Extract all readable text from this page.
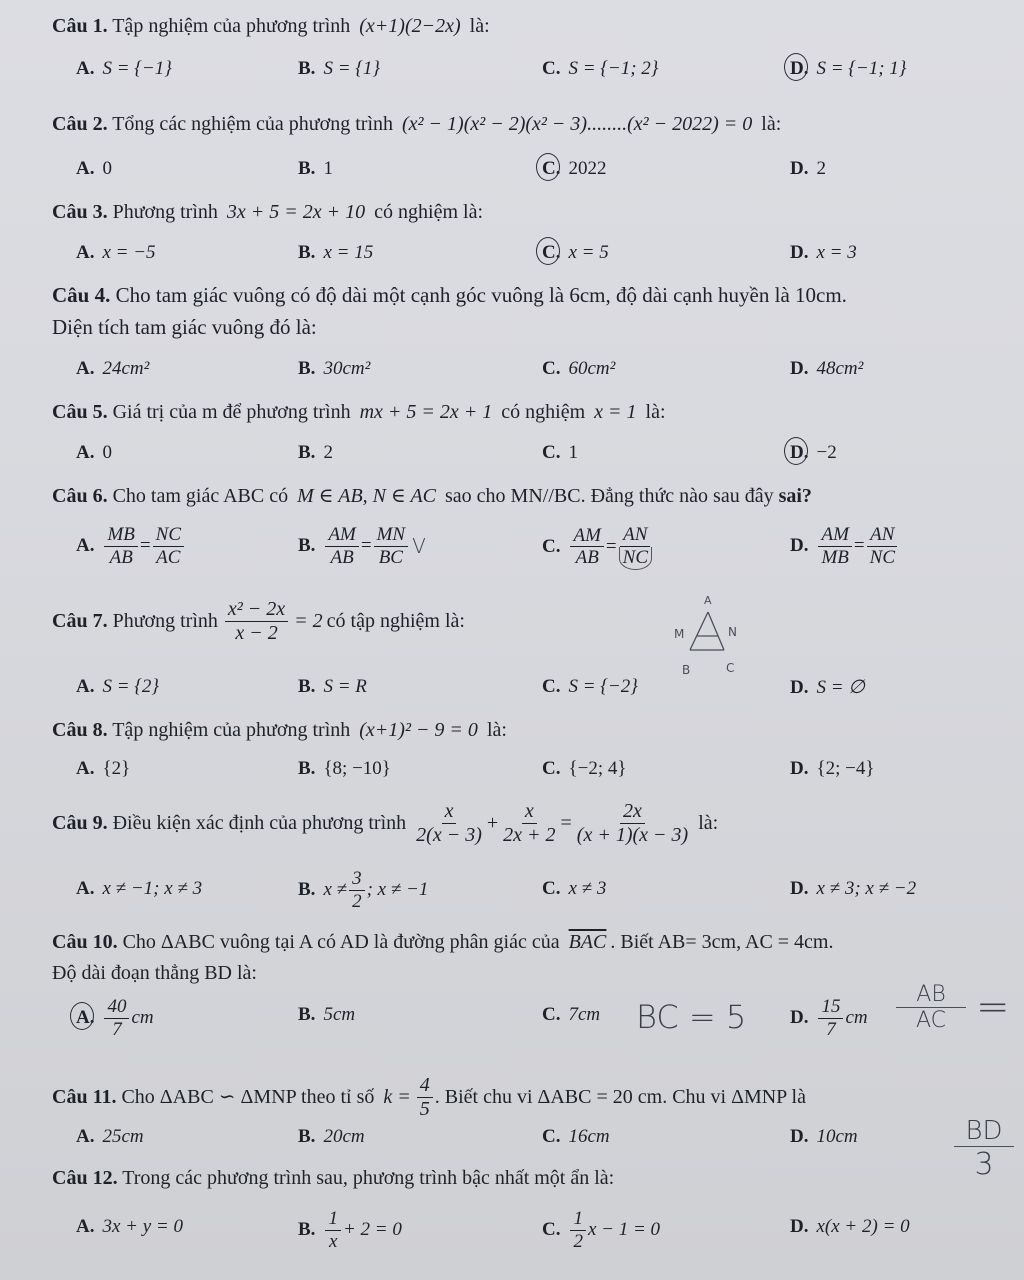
Câu 1. Tập nghiệm của phương trình (x+1)(2−2x) là:
A. S = {−1}	B. S = {1}	C. S = {−1; 2}	D. S = {−1; 1}
Câu 2. Tổng các nghiệm của phương trình (x² − 1)(x² − 2)(x² − 3)........(x² − 2022) = 0 là:
A. 0	B. 1	C. 2022	D. 2
Câu 3. Phương trình 3x + 5 = 2x + 10 có nghiệm là:
A. x = −5	B. x = 15	C. x = 5	D. x = 3
Câu 4. Cho tam giác vuông có độ dài một cạnh góc vuông là 6cm, độ dài cạnh huyền là 10cm.
Diện tích tam giác vuông đó là:
A. 24cm²	B. 30cm²	C. 60cm²	D. 48cm²
Câu 5. Giá trị của m để phương trình mx + 5 = 2x + 1 có nghiệm x = 1 là:
A. 0	B. 2	C. 1	D. −2
Câu 6. Cho tam giác ABC có M ∈ AB, N ∈ AC sao cho MN//BC. Đẳng thức nào sau đây sai?
A. $\frac{MB}{AB} = \frac{NC}{AC}$	B. $\frac{AM}{AB} = \frac{MN}{BC}$ V	C. $\frac{AM}{AB} = \frac{AN}{NC}$	D. $\frac{AM}{MB} = \frac{AN}{NC}$
Câu 7.
Phương trình
$\frac{\text{x² − 2x}}{x - 2} = 2$ có tập nghiệm là:
A. S = {2}	B. S = R	C. S = {−2}	D. S = ∅
A
M	N
B	C
Câu 8. Tập nghiệm của phương trình (x+1)² − 9 = 0 là:
A. {2}	B. {8; −10}	C. {−2; 4}	D. {2; −4}
Câu 9.
Điều kiện xác định của phương trình
$\frac{x}{2(x - 3)} + \frac{x}{2x + 2} = \frac{2x}{(x + 1)(x - 3)}$
là:
A. x ≠ −1; x ≠ 3	B. $x \ne \frac{3}{2}$ ; x ≠ −1	C. x ≠ 3	D. x ≠ 3; x ≠ −2
Câu 10. Cho ΔABC vuông tại A có AD là đường phân giác của $\overline{BAC}$ . Biết AB= 3cm, AC = 4cm.
Độ dài đoạn thẳng BD là:
A. $\frac{40}{7}$ cm	B. 5cm	C. 7cm	D. $\frac{15}{7}$ cm
BC = 5
AB
AC =
Câu 11.
Cho ΔABC ∽ ΔMNP theo tỉ số
$k = \frac{4}{5}$ . Biết chu vi ΔABC = 20 cm. Chu vi ΔMNP là
A. 25cm	B. 20cm	C. 16cm	D. 10cm	BD
3
Câu 12. Trong các phương trình sau, phương trình bậc nhất một ẩn là:
A. 3x + y = 0	B. $\frac{1}{x} + 2 = 0$	C. $\frac{1}{2}$ x − 1 = 0	D. x(x + 2) = 0
